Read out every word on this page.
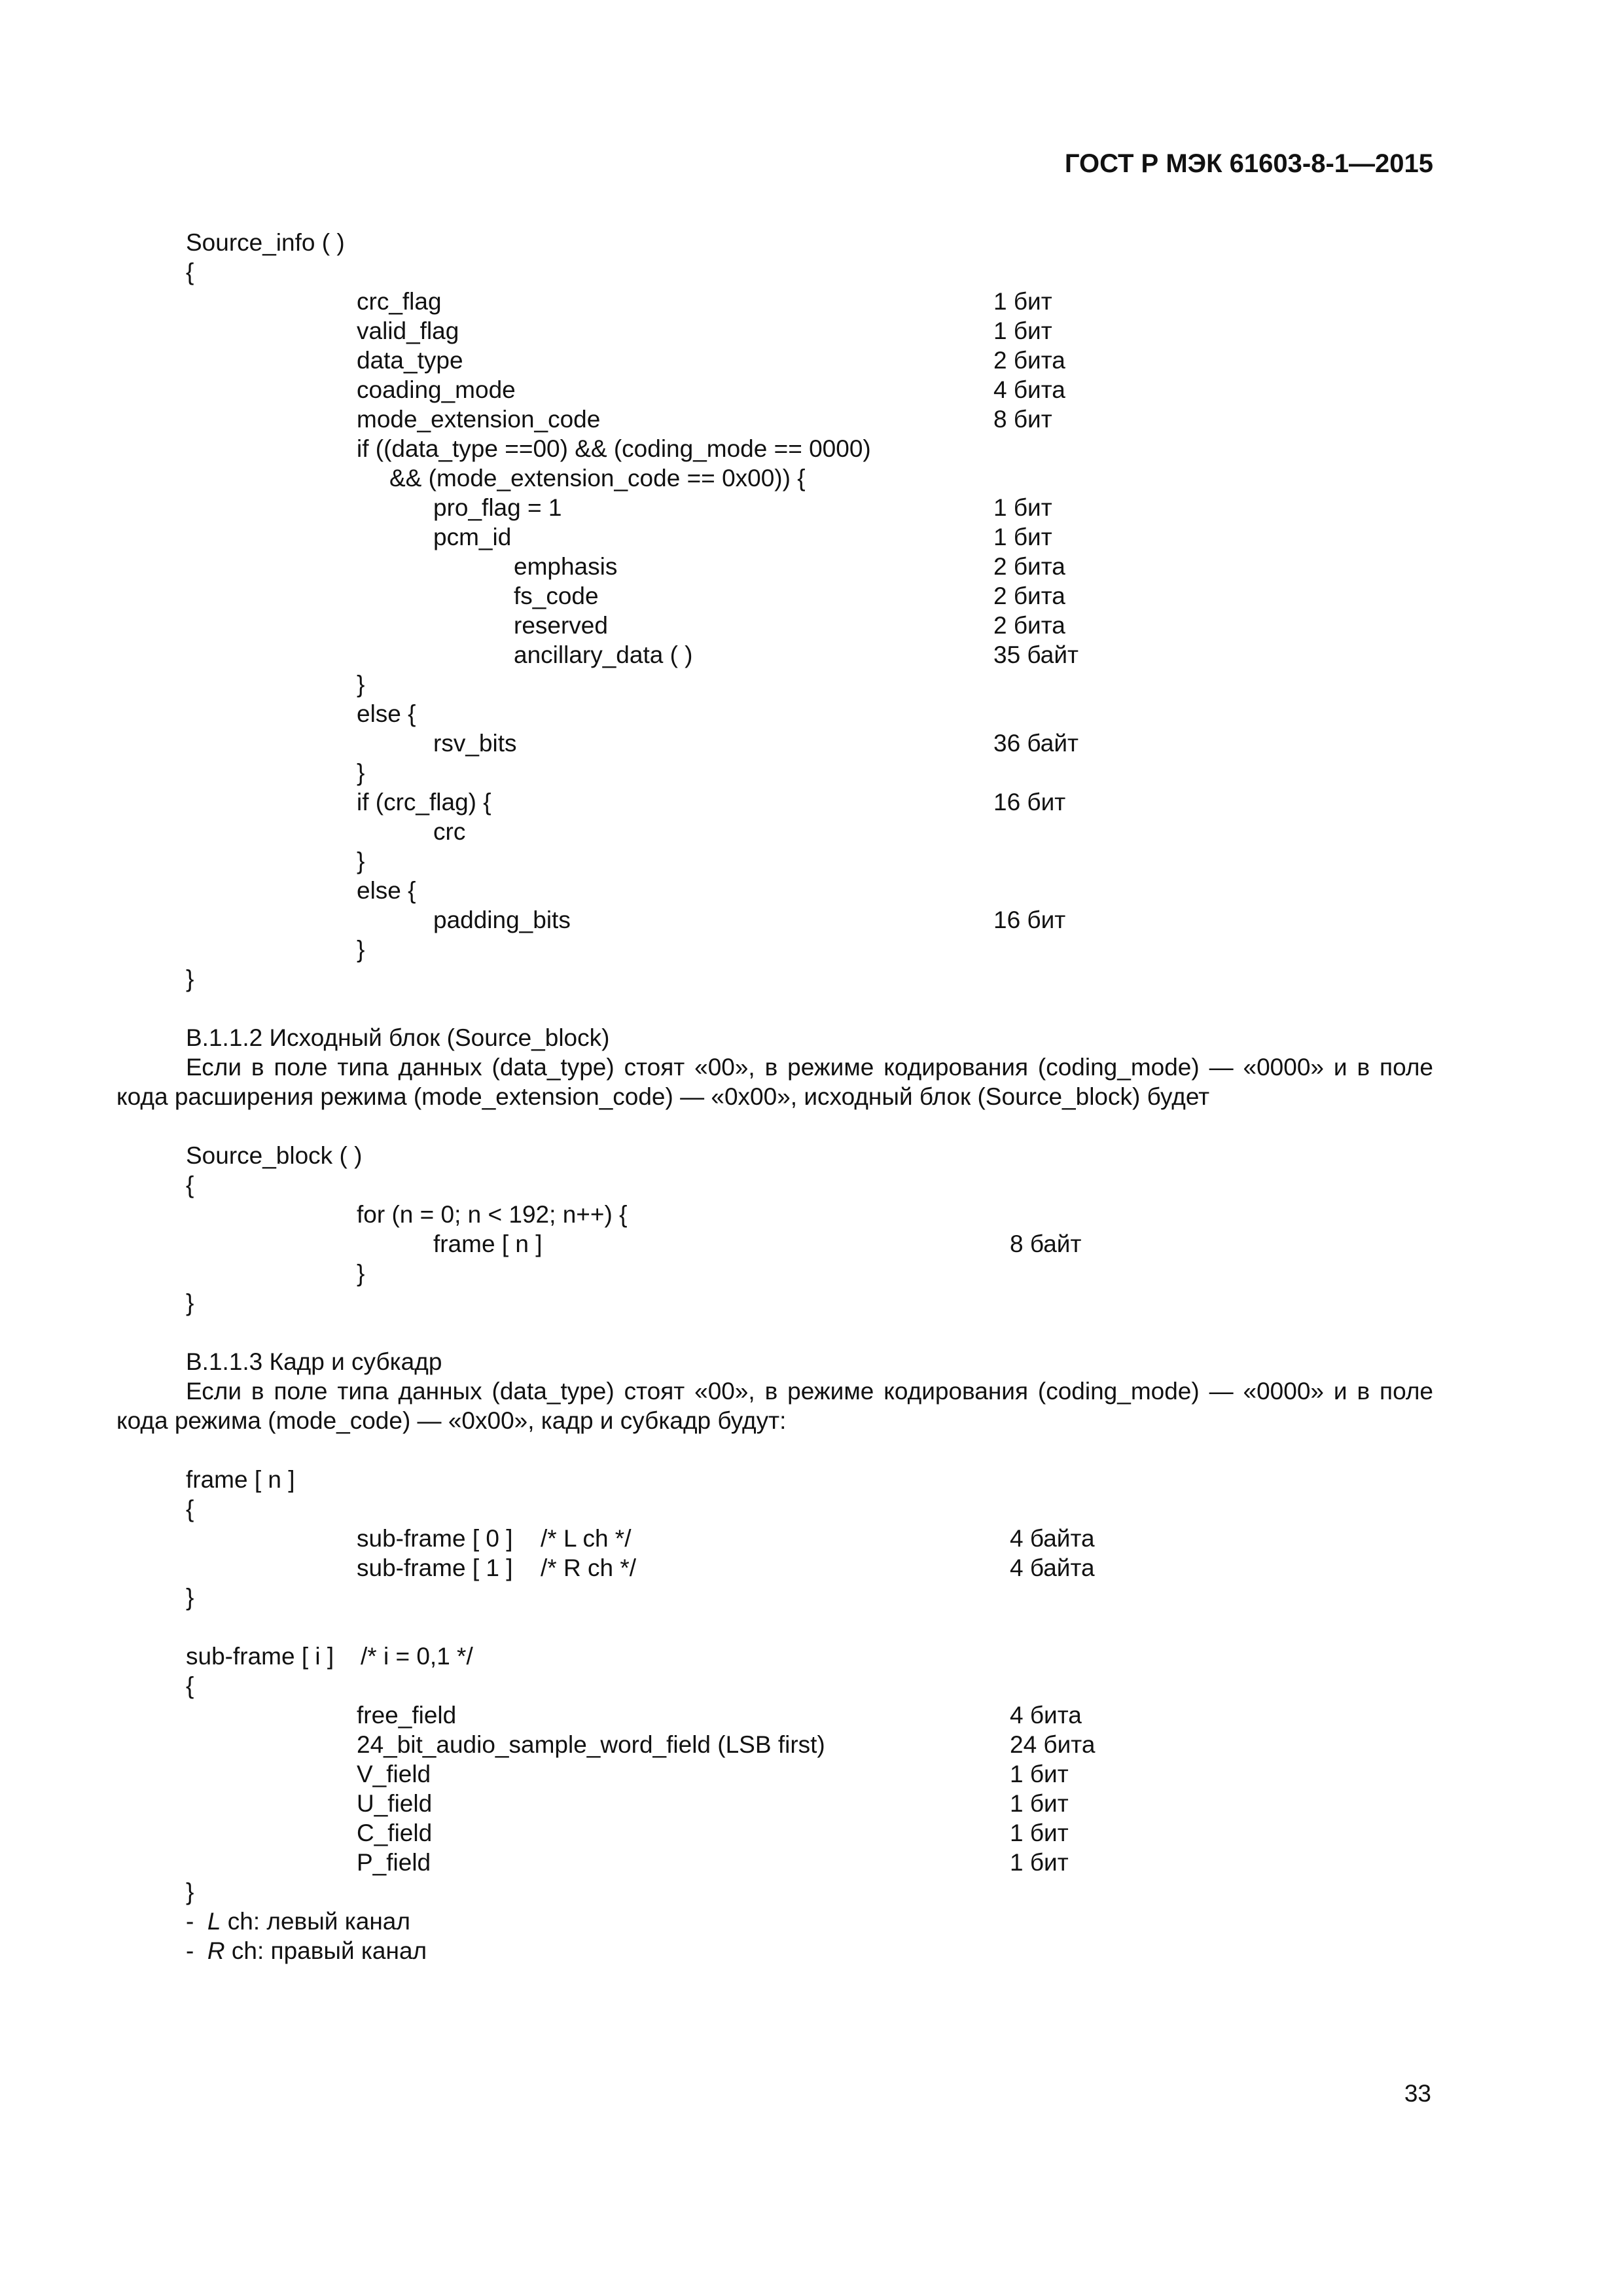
ГОСТ Р МЭК 61603-8-1—2015
Source_info ( )
{
crc_flag	1 бит
valid_flag	1 бит
data_type	2 бита
coading_mode	4 бита
mode_extension_code	8 бит
if ((data_type ==00) && (coding_mode == 0000)
&& (mode_extension_code == 0x00)) {
pro_flag = 1	1 бит
pcm_id	1 бит
emphasis	2 бита
fs_code	2 бита
reserved	2 бита
ancillary_data ( )	35 байт
}
else {
rsv_bits	36 байт
}
if (crc_flag) {	16 бит
crc
}
else {
padding_bits	16 бит
}
}
В.1.1.2 Исходный блок (Source_block)
Если в поле типа данных (data_type) стоят «00», в режиме кодирования (coding_mode) — «0000» и в поле
кода расширения режима (mode_extension_code) — «0x00», исходный блок (Source_block) будет
Source_block ( )
{
for (n = 0; n < 192; n++) {
frame [ n ]	8 байт
}
}
В.1.1.3 Кадр и субкадр
Если в поле типа данных (data_type) стоят «00», в режиме кодирования (coding_mode) — «0000» и в поле
кода режима (mode_code) — «0x00», кадр и субкадр будут:
frame [ n ]
{
sub-frame [ 0 ] /* L ch */	4 байта
sub-frame [ 1 ] /* R ch */	4 байта
}
sub-frame [ i ] /* i = 0,1 */
{
free_field	4 бита
24_bit_audio_sample_word_field (LSB first)	24 бита
V_field	1 бит
U_field	1 бит
C_field	1 бит
P_field	1 бит
}
- L ch: левый канал
- R ch: правый канал
33
